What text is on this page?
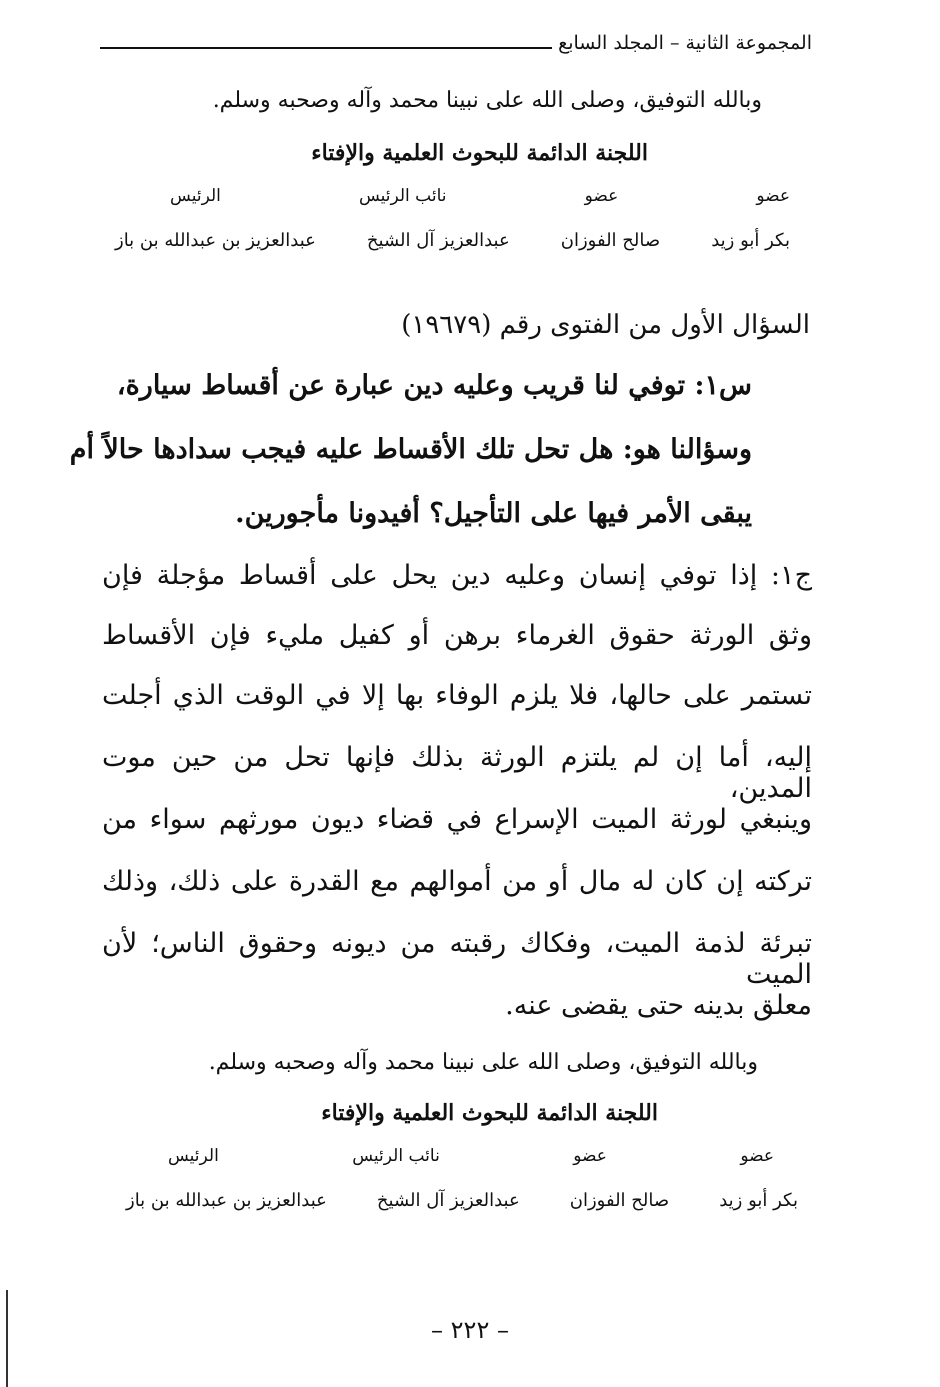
المجموعة الثانية – المجلد السابع
وبالله التوفيق، وصلى الله على نبينا محمد وآله وصحبه وسلم.
اللجنة الدائمة للبحوث العلمية والإفتاء
عضو
عضو
نائب الرئيس
الرئيس
بكر أبو زيد
صالح الفوزان
عبدالعزيز آل الشيخ
عبدالعزيز بن عبدالله بن باز
السؤال الأول من الفتوى رقم (١٩٦٧٩)
س١: توفي لنا قريب وعليه دين عبارة عن أقساط سيارة،
وسؤالنا هو: هل تحل تلك الأقساط عليه فيجب سدادها حالاً أم
يبقى الأمر فيها على التأجيل؟ أفيدونا مأجورين.
ج١: إذا توفي إنسان وعليه دين يحل على أقساط مؤجلة فإن
وثق الورثة حقوق الغرماء برهن أو كفيل مليء فإن الأقساط
تستمر على حالها، فلا يلزم الوفاء بها إلا في الوقت الذي أجلت
إليه، أما إن لم يلتزم الورثة بذلك فإنها تحل من حين موت المدين،
وينبغي لورثة الميت الإسراع في قضاء ديون مورثهم سواء من
تركته إن كان له مال أو من أموالهم مع القدرة على ذلك، وذلك
تبرئة لذمة الميت، وفكاك رقبته من ديونه وحقوق الناس؛ لأن الميت
معلق بدينه حتى يقضى عنه.
وبالله التوفيق، وصلى الله على نبينا محمد وآله وصحبه وسلم.
اللجنة الدائمة للبحوث العلمية والإفتاء
عضو
عضو
نائب الرئيس
الرئيس
بكر أبو زيد
صالح الفوزان
عبدالعزيز آل الشيخ
عبدالعزيز بن عبدالله بن باز
– ٢٢٢ –
